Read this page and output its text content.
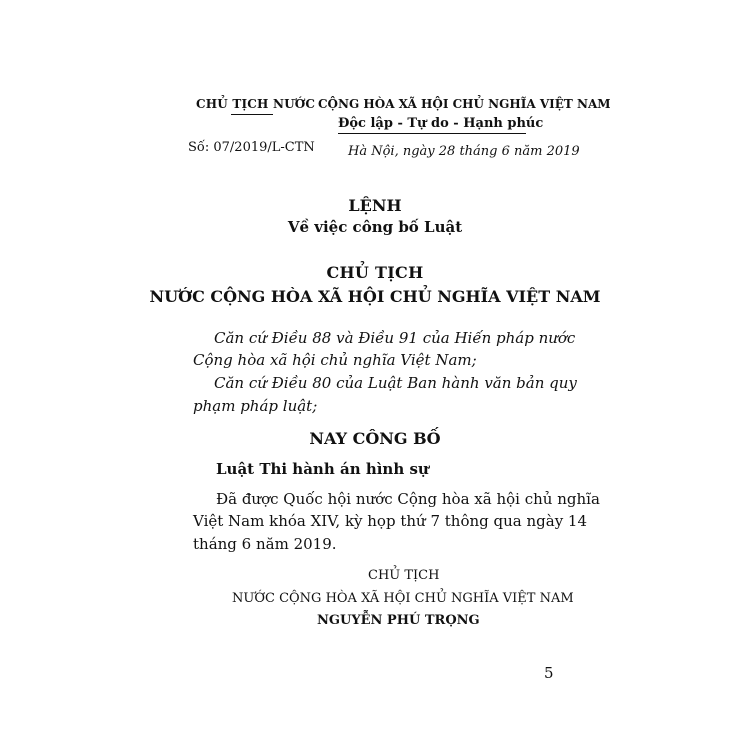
CHỦ TỊCH NƯỚC CỘNG HÒA XÃ HỘI CHỦ NGHĨA VIỆT NAM
Độc lập - Tự do - Hạnh phúc
Số: 07/2019/L-CTN	Hà Nội, ngày 28 tháng 6 năm 2019
LỆNH
Về việc công bố Luật
CHỦ TỊCH
NƯỚC CỘNG HÒA XÃ HỘI CHỦ NGHĨA VIỆT NAM
Căn cứ Điều 88 và Điều 91 của Hiến pháp nước
Cộng hòa xã hội chủ nghĩa Việt Nam;
Căn cứ Điều 80 của Luật Ban hành văn bản quy
phạm pháp luật;
NAY CÔNG BỐ
Luật Thi hành án hình sự
Đã được Quốc hội nước Cộng hòa xã hội chủ nghĩa
Việt Nam khóa XIV, kỳ họp thứ 7 thông qua ngày 14
tháng 6 năm 2019.
CHỦ TỊCH
NƯỚC CỘNG HÒA XÃ HỘI CHỦ NGHĨA VIỆT NAM
NGUYỄN PHÚ TRỌNG
5
